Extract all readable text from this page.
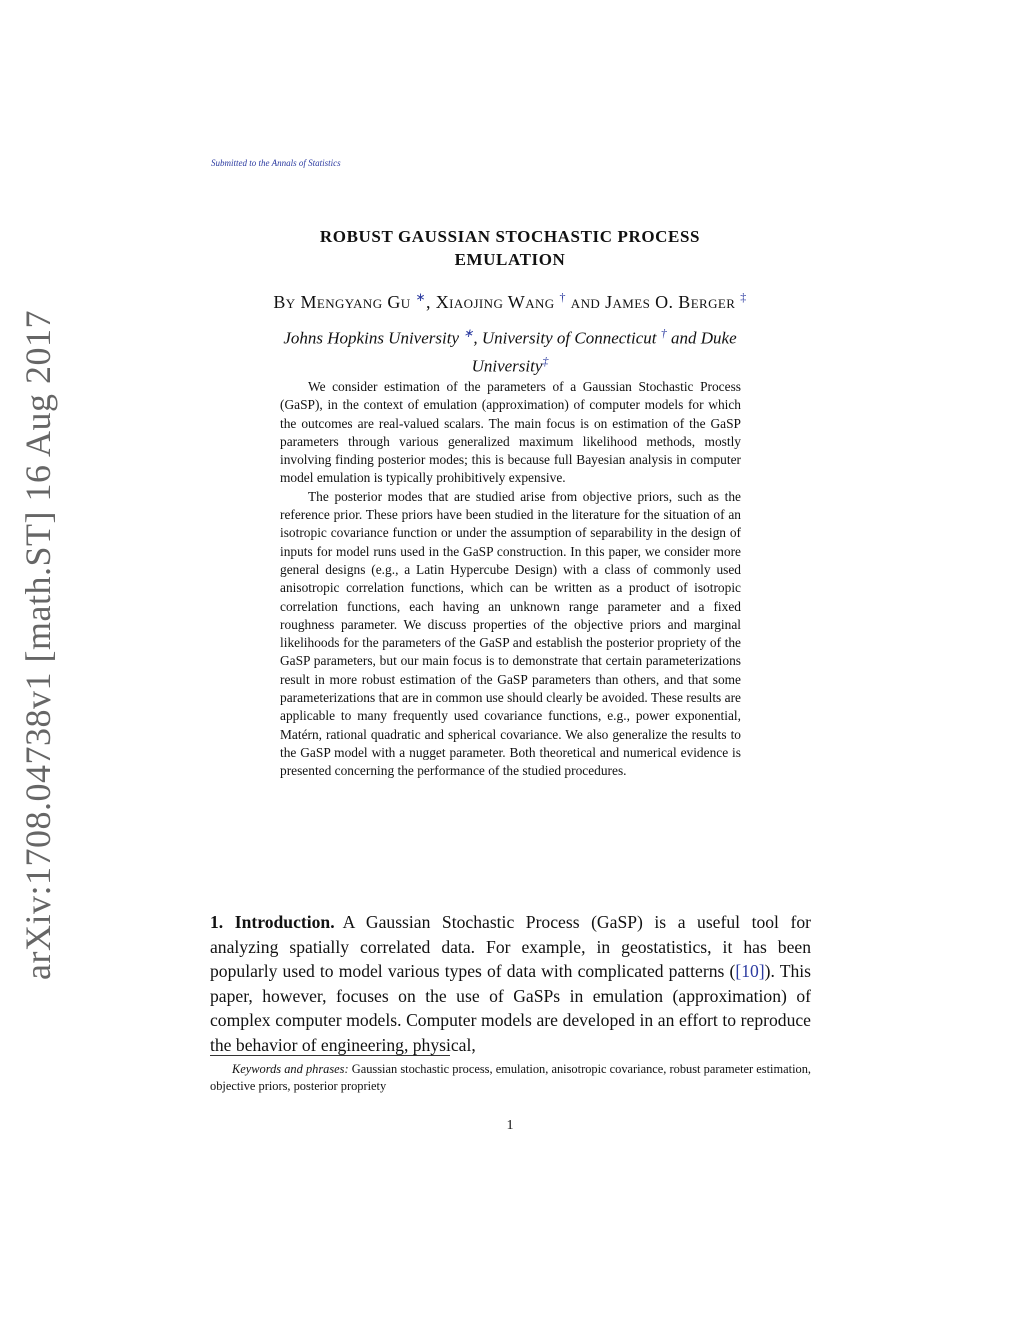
arXiv:1708.04738v1 [math.ST] 16 Aug 2017
Submitted to the Annals of Statistics
ROBUST GAUSSIAN STOCHASTIC PROCESS
EMULATION
By Mengyang Gu ∗, Xiaojing Wang † and James O. Berger ‡
Johns Hopkins University ∗, University of Connecticut † and Duke
University‡

We consider estimation of the parameters of a Gaussian Stochastic Process (GaSP), in the context of emulation (approximation) of computer models for which the outcomes are real-valued scalars. The main focus is on estimation of the GaSP parameters through various generalized maximum likelihood methods, mostly involving finding posterior modes; this is because full Bayesian analysis in computer model emulation is typically prohibitively expensive.

The posterior modes that are studied arise from objective priors, such as the reference prior. These priors have been studied in the literature for the situation of an isotropic covariance function or under the assumption of separability in the design of inputs for model runs used in the GaSP construction. In this paper, we consider more general designs (e.g., a Latin Hypercube Design) with a class of commonly used anisotropic correlation functions, which can be written as a product of isotropic correlation functions, each having an unknown range parameter and a fixed roughness parameter. We discuss properties of the objective priors and marginal likelihoods for the parameters of the GaSP and establish the posterior propriety of the GaSP parameters, but our main focus is to demonstrate that certain parameterizations result in more robust estimation of the GaSP parameters than others, and that some parameterizations that are in common use should clearly be avoided. These results are applicable to many frequently used covariance functions, e.g., power exponential, Matérn, rational quadratic and spherical covariance. We also generalize the results to the GaSP model with a nugget parameter. Both theoretical and numerical evidence is presented concerning the performance of the studied procedures.

1. Introduction. A Gaussian Stochastic Process (GaSP) is a useful tool for analyzing spatially correlated data. For example, in geostatistics, it has been popularly used to model various types of data with complicated patterns ([10]). This paper, however, focuses on the use of GaSPs in emulation (approximation) of complex computer models. Computer models are developed in an effort to reproduce the behavior of engineering, physical,

Keywords and phrases: Gaussian stochastic process, emulation, anisotropic covariance, robust parameter estimation, objective priors, posterior propriety

1
